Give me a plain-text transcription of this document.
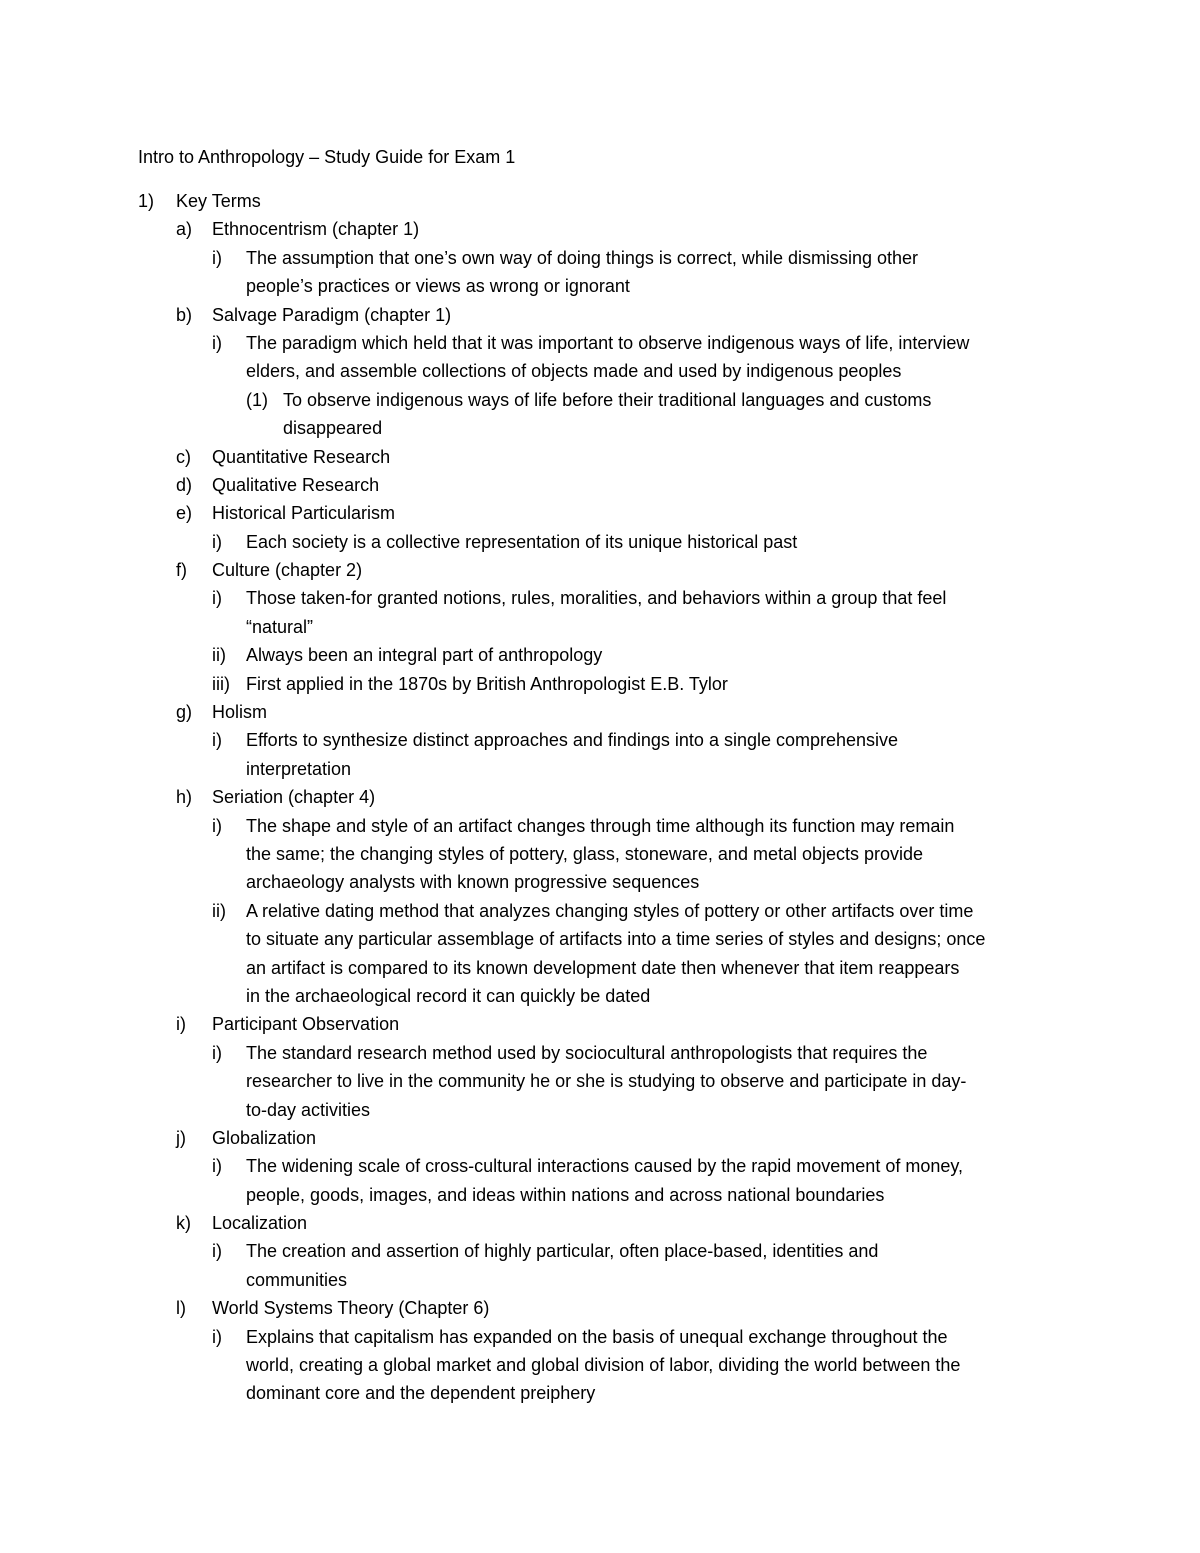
Intro to Anthropology – Study Guide for Exam 1
1) Key Terms
a) Ethnocentrism (chapter 1)
i) The assumption that one’s own way of doing things is correct, while dismissing other
people’s practices or views as wrong or ignorant
b) Salvage Paradigm (chapter 1)
i) The paradigm which held that it was important to observe indigenous ways of life, interview
elders, and assemble collections of objects made and used by indigenous peoples
(1) To observe indigenous ways of life before their traditional languages and customs
disappeared
c) Quantitative Research
d) Qualitative Research
e) Historical Particularism
i) Each society is a collective representation of its unique historical past
f) Culture (chapter 2)
i) Those taken-for granted notions, rules, moralities, and behaviors within a group that feel
“natural”
ii) Always been an integral part of anthropology
iii) First applied in the 1870s by British Anthropologist E.B. Tylor
g) Holism
i) Efforts to synthesize distinct approaches and findings into a single comprehensive
interpretation
h) Seriation (chapter 4)
i) The shape and style of an artifact changes through time although its function may remain
the same; the changing styles of pottery, glass, stoneware, and metal objects provide
archaeology analysts with known progressive sequences
ii) A relative dating method that analyzes changing styles of pottery or other artifacts over time
to situate any particular assemblage of artifacts into a time series of styles and designs; once
an artifact is compared to its known development date then whenever that item reappears
in the archaeological record it can quickly be dated
i) Participant Observation
i) The standard research method used by sociocultural anthropologists that requires the
researcher to live in the community he or she is studying to observe and participate in day-
to-day activities
j) Globalization
i) The widening scale of cross-cultural interactions caused by the rapid movement of money,
people, goods, images, and ideas within nations and across national boundaries
k) Localization
i) The creation and assertion of highly particular, often place-based, identities and
communities
l) World Systems Theory (Chapter 6)
i) Explains that capitalism has expanded on the basis of unequal exchange throughout the
world, creating a global market and global division of labor, dividing the world between the
dominant core and the dependent preiphery
